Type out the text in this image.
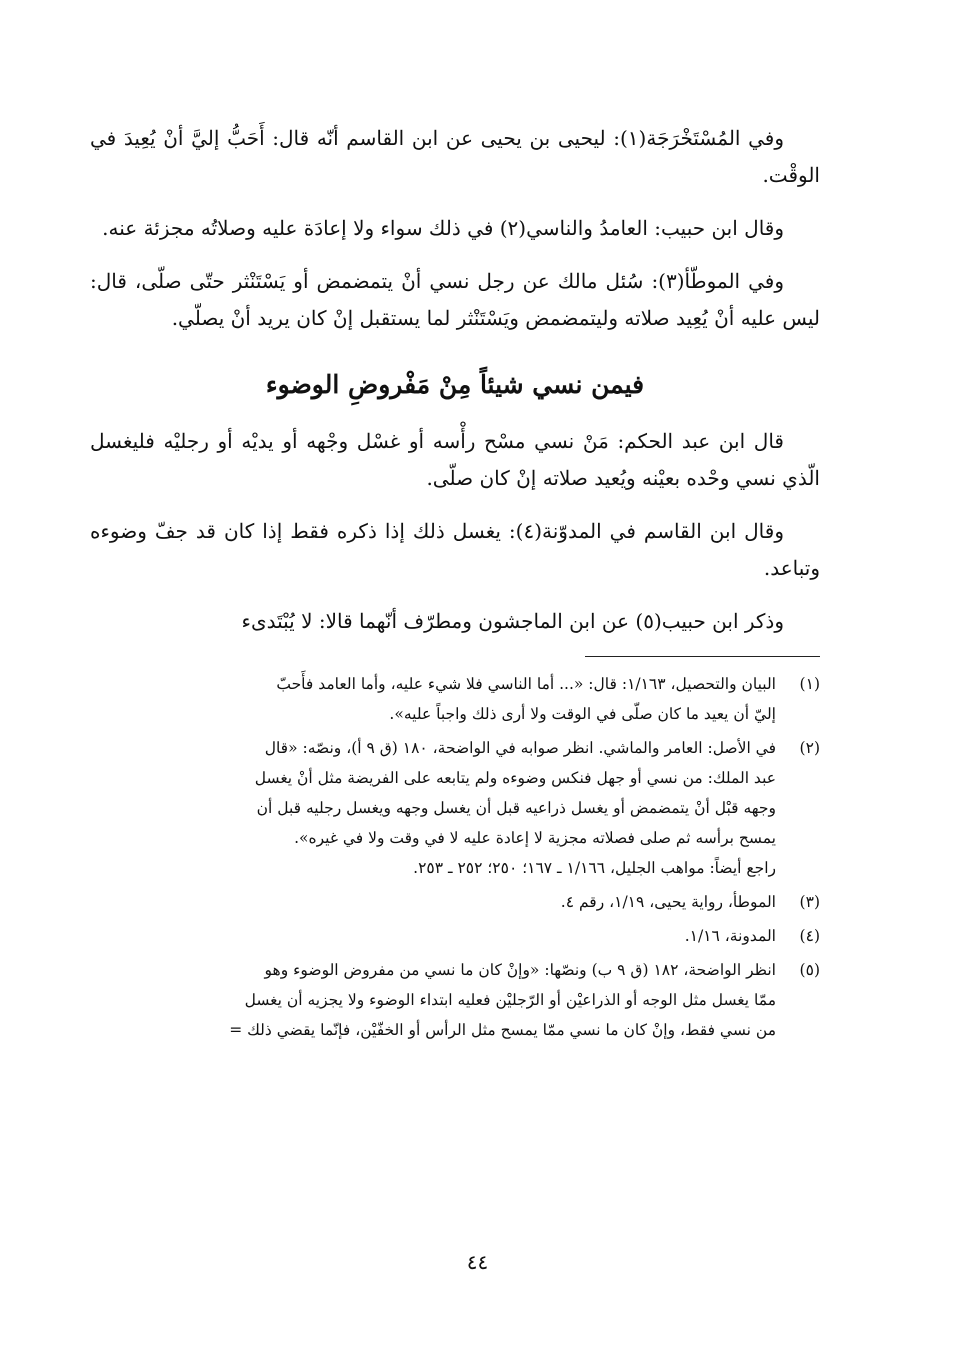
وفي المُسْتَخْرَجَة(١): ليحيى بن يحيى عن ابن القاسم أنّه قال: أَحَبُّ إليَّ أنْ يُعِيدَ في الوقْت.

وقال ابن حبيب: العامدُ والناسي(٢) في ذلك سواء ولا إعادَة عليه وصلاتُه مجزئة عنه.

وفي الموطّأ(٣): سُئل مالك عن رجل نسي أنْ يتمضمض أو يَسْتَنْثر حتّى صلّى، قال: ليس عليه أنْ يُعِيد صلاته وليتمضمض ويَسْتَنْثر لما يستقبل إنْ كان يريد أنْ يصلّي.

فيمن نسي شيئاً مِنْ مَفْروضِ الوضوء

قال ابن عبد الحكم: مَنْ نسي مسْح رأْسه أو غسْل وجْهه أو يديْه أو رجليْه فليغسل الّذي نسي وحْده بعيْنه ويُعيد صلاته إنْ كان صلّى.

وقال ابن القاسم في المدوّنة(٤): يغسل ذلك إذا ذكره فقط إذا كان قد جفّ وضوءه وتباعد.

وذكر ابن حبيب(٥) عن ابن الماجشون ومطرّف أنّهما قالا: لا يُبْتَدىء

(١)
البيان والتحصيل، ١/١٦٣: قال: «... أما الناسي فلا شيء عليه، وأما العامد فأَحبّ
إليّ أن يعيد ما كان صلّى في الوقت ولا أرى ذلك واجباً عليه».
(٢)
في الأصل: العامر والماشي. انظر صوابه في الواضحة، ١٨٠ (ق ٩ أ)، ونصّه: «قال
عبد الملك: من نسي أو جهل فنكس وضوءه ولم يتابعه على الفريضة مثل أنْ يغسل
وجهه قبْل أنْ يتمضمض أو يغسل ذراعيه قبل أن يغسل وجهه ويغسل رجليه قبل أن
يمسح برأسه ثم صلى فصلاته مجزية لا إعادة عليه لا في وقت ولا في غيره».
راجع أيضاً: مواهب الجليل، ١/١٦٦ ـ ١٦٧؛ ٢٥٠؛ ٢٥٢ ـ ٢٥٣.
(٣)
الموطأ، رواية يحيى، ١/١٩، رقم ٤.
(٤)
المدونة، ١/١٦.
(٥)
انظر الواضحة، ١٨٢ (ق ٩ ب) ونصّها: «وإنْ كان ما نسي من مفروض الوضوء وهو
ممّا يغسل مثل الوجه أو الذراعيْن أو الرّجليْن فعليه ابتداء الوضوء ولا يجزيه أن يغسل
من نسي فقط، وإنْ كان ما نسي ممّا يمسح مثل الرأس أو الخفّيْن، فإنّما يقضي ذلك =
٤٤
